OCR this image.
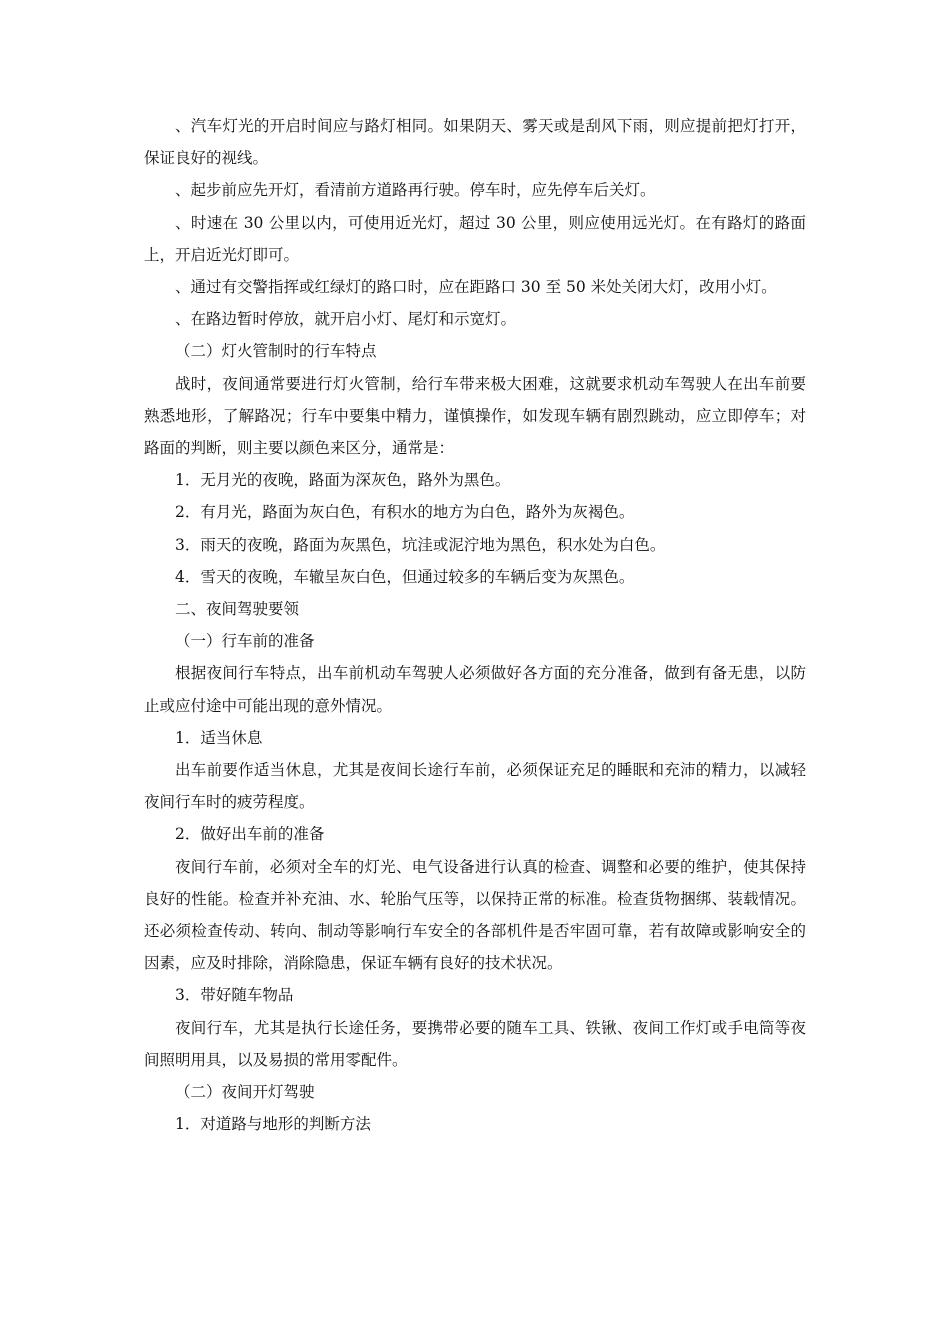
、汽车灯光的开启时间应与路灯相同。如果阴天、雾天或是刮风下雨，则应提前把灯打开，保证良好的视线。

、起步前应先开灯，看清前方道路再行驶。停车时，应先停车后关灯。

、时速在 30 公里以内，可使用近光灯，超过 30 公里，则应使用远光灯。在有路灯的路面上，开启近光灯即可。

、通过有交警指挥或红绿灯的路口时，应在距路口 30 至 50 米处关闭大灯，改用小灯。

、在路边暂时停放，就开启小灯、尾灯和示宽灯。

（二）灯火管制时的行车特点

战时，夜间通常要进行灯火管制，给行车带来极大困难，这就要求机动车驾驶人在出车前要熟悉地形，了解路况；行车中要集中精力，谨慎操作，如发现车辆有剧烈跳动，应立即停车；对路面的判断，则主要以颜色来区分，通常是：

1．无月光的夜晚，路面为深灰色，路外为黑色。

2．有月光，路面为灰白色，有积水的地方为白色，路外为灰褐色。

3．雨天的夜晚，路面为灰黑色，坑洼或泥泞地为黑色，积水处为白色。

4．雪天的夜晚，车辙呈灰白色，但通过较多的车辆后变为灰黑色。

二、夜间驾驶要领

（一）行车前的准备

根据夜间行车特点，出车前机动车驾驶人必须做好各方面的充分准备，做到有备无患，以防止或应付途中可能出现的意外情况。

1．适当休息

出车前要作适当休息，尤其是夜间长途行车前，必须保证充足的睡眠和充沛的精力，以减轻夜间行车时的疲劳程度。

2．做好出车前的准备

夜间行车前，必须对全车的灯光、电气设备进行认真的检查、调整和必要的维护，使其保持良好的性能。检查并补充油、水、轮胎气压等，以保持正常的标准。检查货物捆绑、装载情况。还必须检查传动、转向、制动等影响行车安全的各部机件是否牢固可靠，若有故障或影响安全的因素，应及时排除，消除隐患，保证车辆有良好的技术状况。

3．带好随车物品

夜间行车，尤其是执行长途任务，要携带必要的随车工具、铁锹、夜间工作灯或手电筒等夜间照明用具，以及易损的常用零配件。

（二）夜间开灯驾驶

1．对道路与地形的判断方法
